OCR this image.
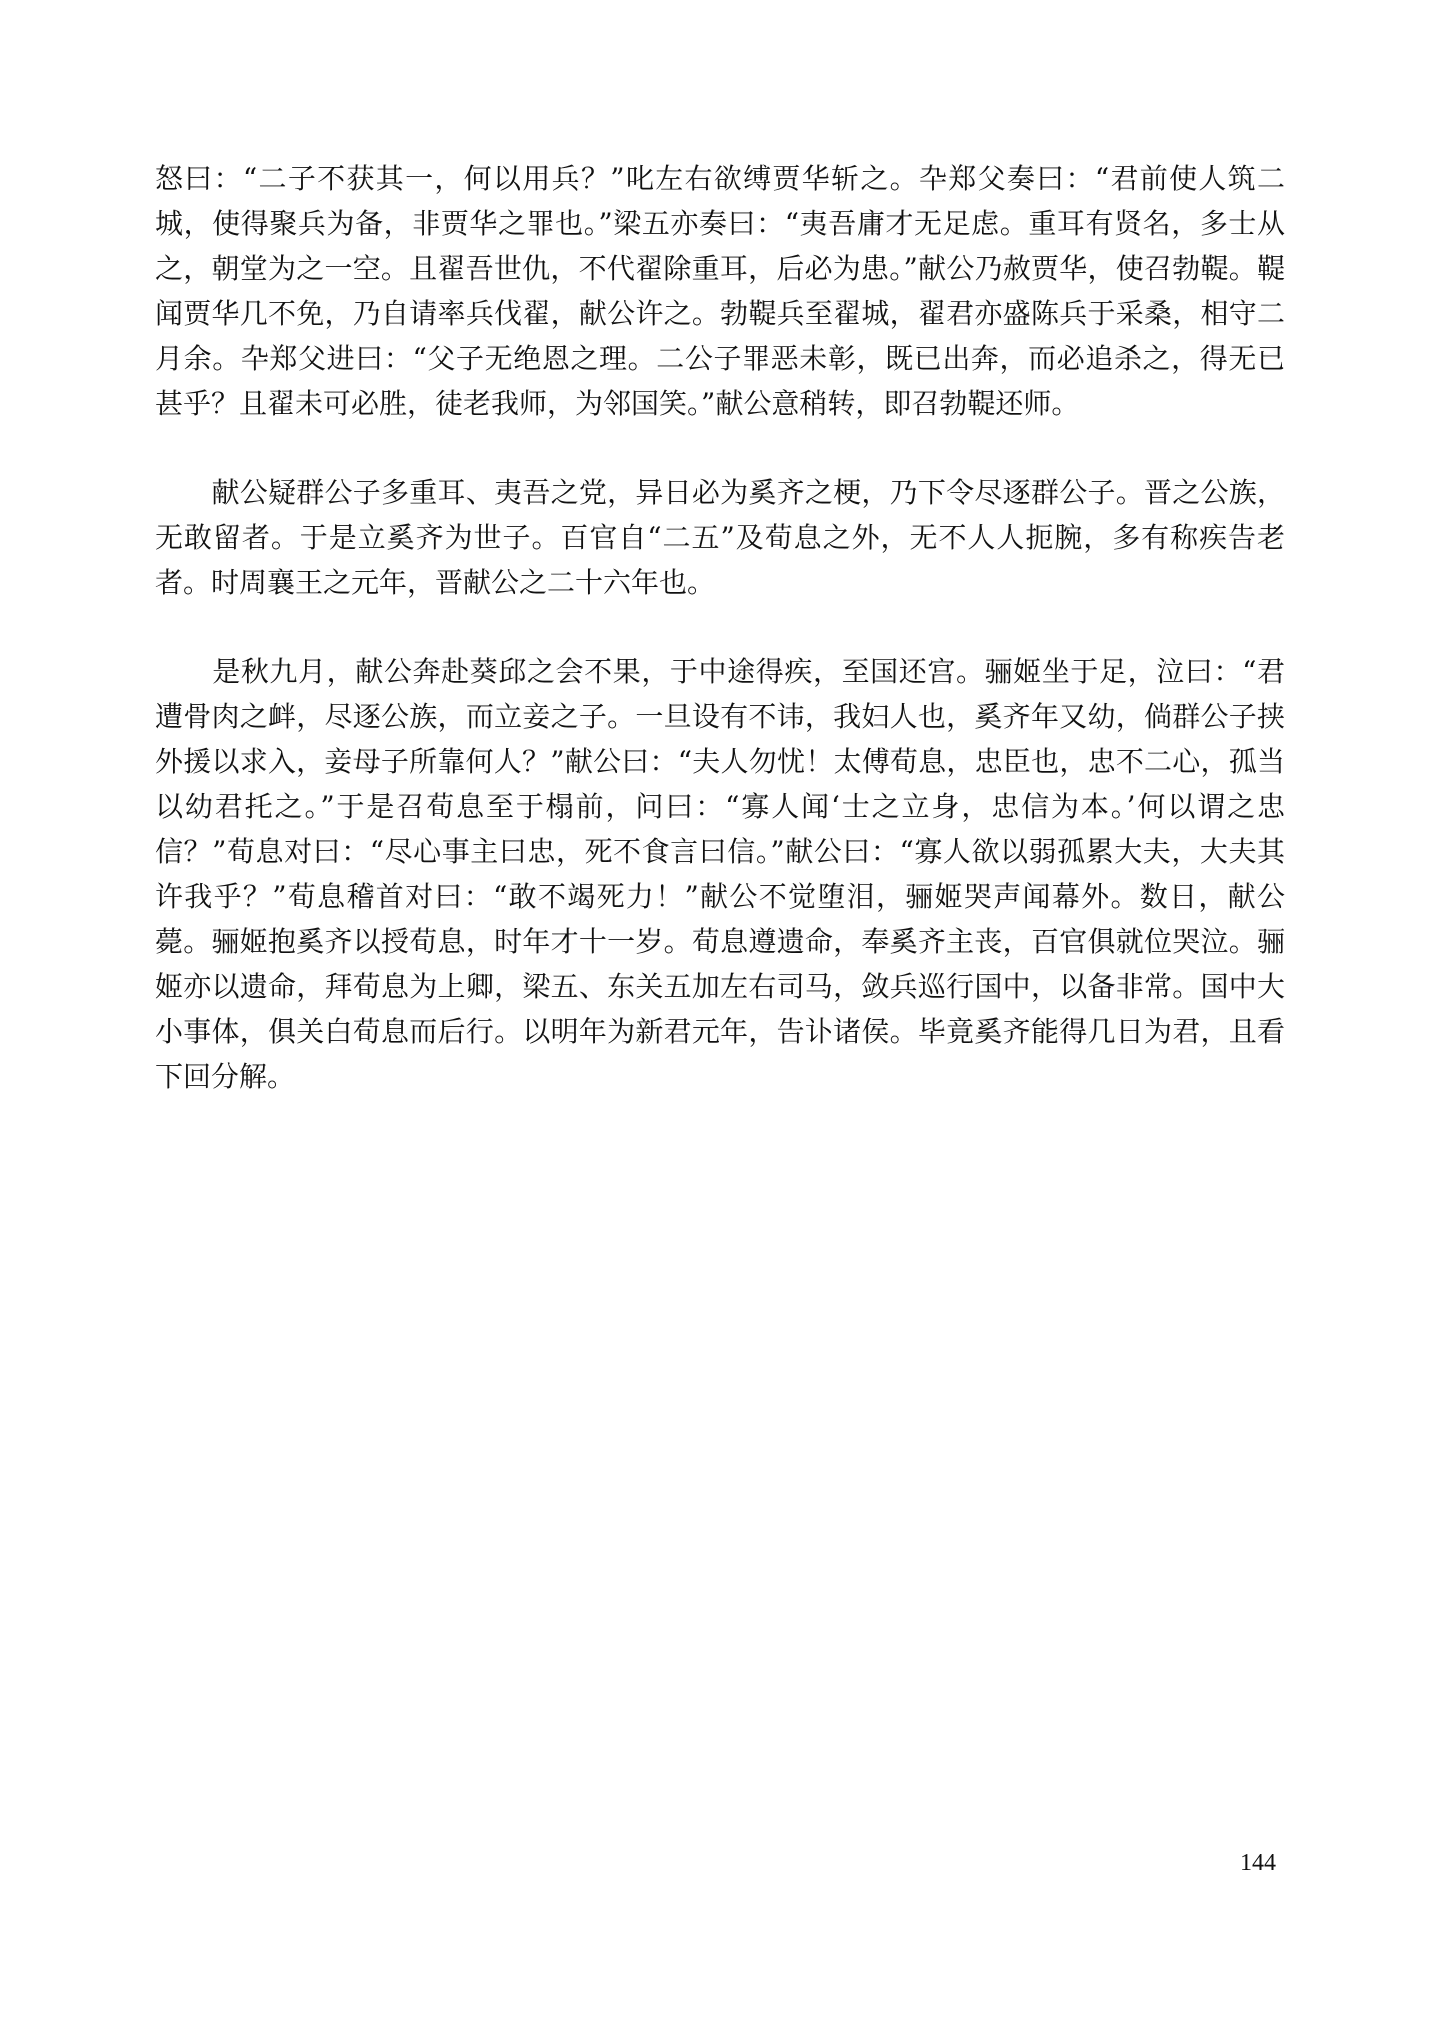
怒曰：“二子不获其一，何以用兵？”叱左右欲缚贾华斩之。卆郑父奏曰：“君前使人筑二城，使得聚兵为备，非贾华之罪也。”梁五亦奏曰：“夷吾庸才无足虑。重耳有贤名，多士从之，朝堂为之一空。且翟吾世仇，不代翟除重耳，后必为患。”献公乃赦贾华，使召勃鞮。鞮闻贾华几不免，乃自请率兵伐翟，献公许之。勃鞮兵至翟城，翟君亦盛陈兵于采桑，相守二月余。卆郑父进曰：“父子无绝恩之理。二公子罪恶未彰，既已出奔，而必追杀之，得无已甚乎？且翟未可必胜，徒老我师，为邻国笑。”献公意稍转，即召勃鞮还师。

　　献公疑群公子多重耳、夷吾之党，异日必为奚齐之梗，乃下令尽逐群公子。晋之公族，无敢留者。于是立奚齐为世子。百官自“二五”及荀息之外，无不人人扼腕，多有称疾告老者。时周襄王之元年，晋献公之二十六年也。

　　是秋九月，献公奔赴葵邱之会不果，于中途得疾，至国还宫。骊姬坐于足，泣曰：“君遭骨肉之衅，尽逐公族，而立妾之子。一旦设有不讳，我妇人也，奚齐年又幼，倘群公子挟外援以求入，妾母子所靠何人？”献公曰：“夫人勿忧！太傅荀息，忠臣也，忠不二心，孤当以幼君托之。”于是召荀息至于榻前，问曰：“寡人闻‘士之立身，忠信为本。’何以谓之忠信？”荀息对曰：“尽心事主曰忠，死不食言曰信。”献公曰：“寡人欲以弱孤累大夫，大夫其许我乎？”荀息稽首对曰：“敢不竭死力！”献公不觉堕泪，骊姬哭声闻幕外。数日，献公薨。骊姬抱奚齐以授荀息，时年才十一岁。荀息遵遗命，奉奚齐主丧，百官俱就位哭泣。骊姬亦以遗命，拜荀息为上卿，梁五、东关五加左右司马，敛兵巡行国中，以备非常。国中大小事体，俱关白荀息而后行。以明年为新君元年，告讣诸侯。毕竟奚齐能得几日为君，且看下回分解。

144
